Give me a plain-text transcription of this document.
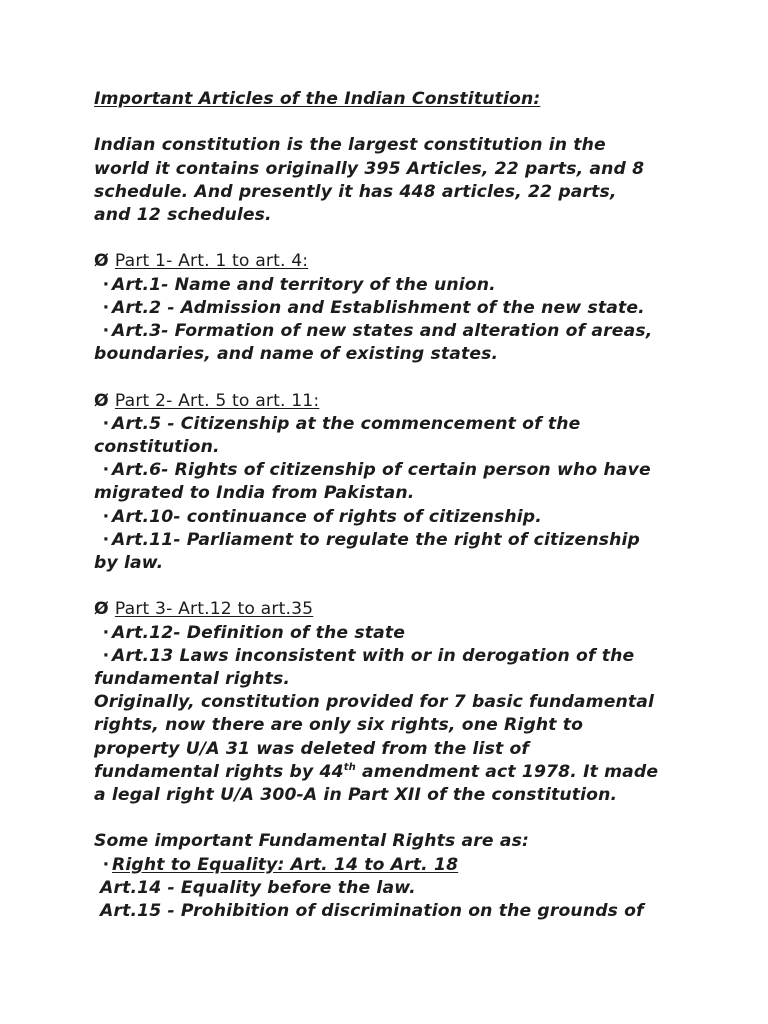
Important Articles of the Indian Constitution:
Indian constitution is the largest constitution in the
world it contains originally 395 Articles, 22 parts, and 8
schedule. And presently it has 448 articles, 22 parts,
and 12 schedules.
Ø Part 1- Art. 1 to art. 4:
· Art.1- Name and territory of the union.
· Art.2 - Admission and Establishment of the new state.
· Art.3- Formation of new states and alteration of areas,
boundaries, and name of existing states.
Ø Part 2- Art. 5 to art. 11:
· Art.5 - Citizenship at the commencement of the
constitution.
· Art.6- Rights of citizenship of certain person who have
migrated to India from Pakistan.
· Art.10- continuance of rights of citizenship.
· Art.11- Parliament to regulate the right of citizenship
by law.
Ø Part 3- Art.12 to art.35
· Art.12- Definition of the state
· Art.13 Laws inconsistent with or in derogation of the
fundamental rights.
Originally, constitution provided for 7 basic fundamental
rights, now there are only six rights, one Right to
property U/A 31 was deleted from the list of
fundamental rights by 44th amendment act 1978. It made
a legal right U/A 300-A in Part XII of the constitution.
Some important Fundamental Rights are as:
· Right to Equality: Art. 14 to Art. 18
Art.14 - Equality before the law.
Art.15 - Prohibition of discrimination on the grounds of
